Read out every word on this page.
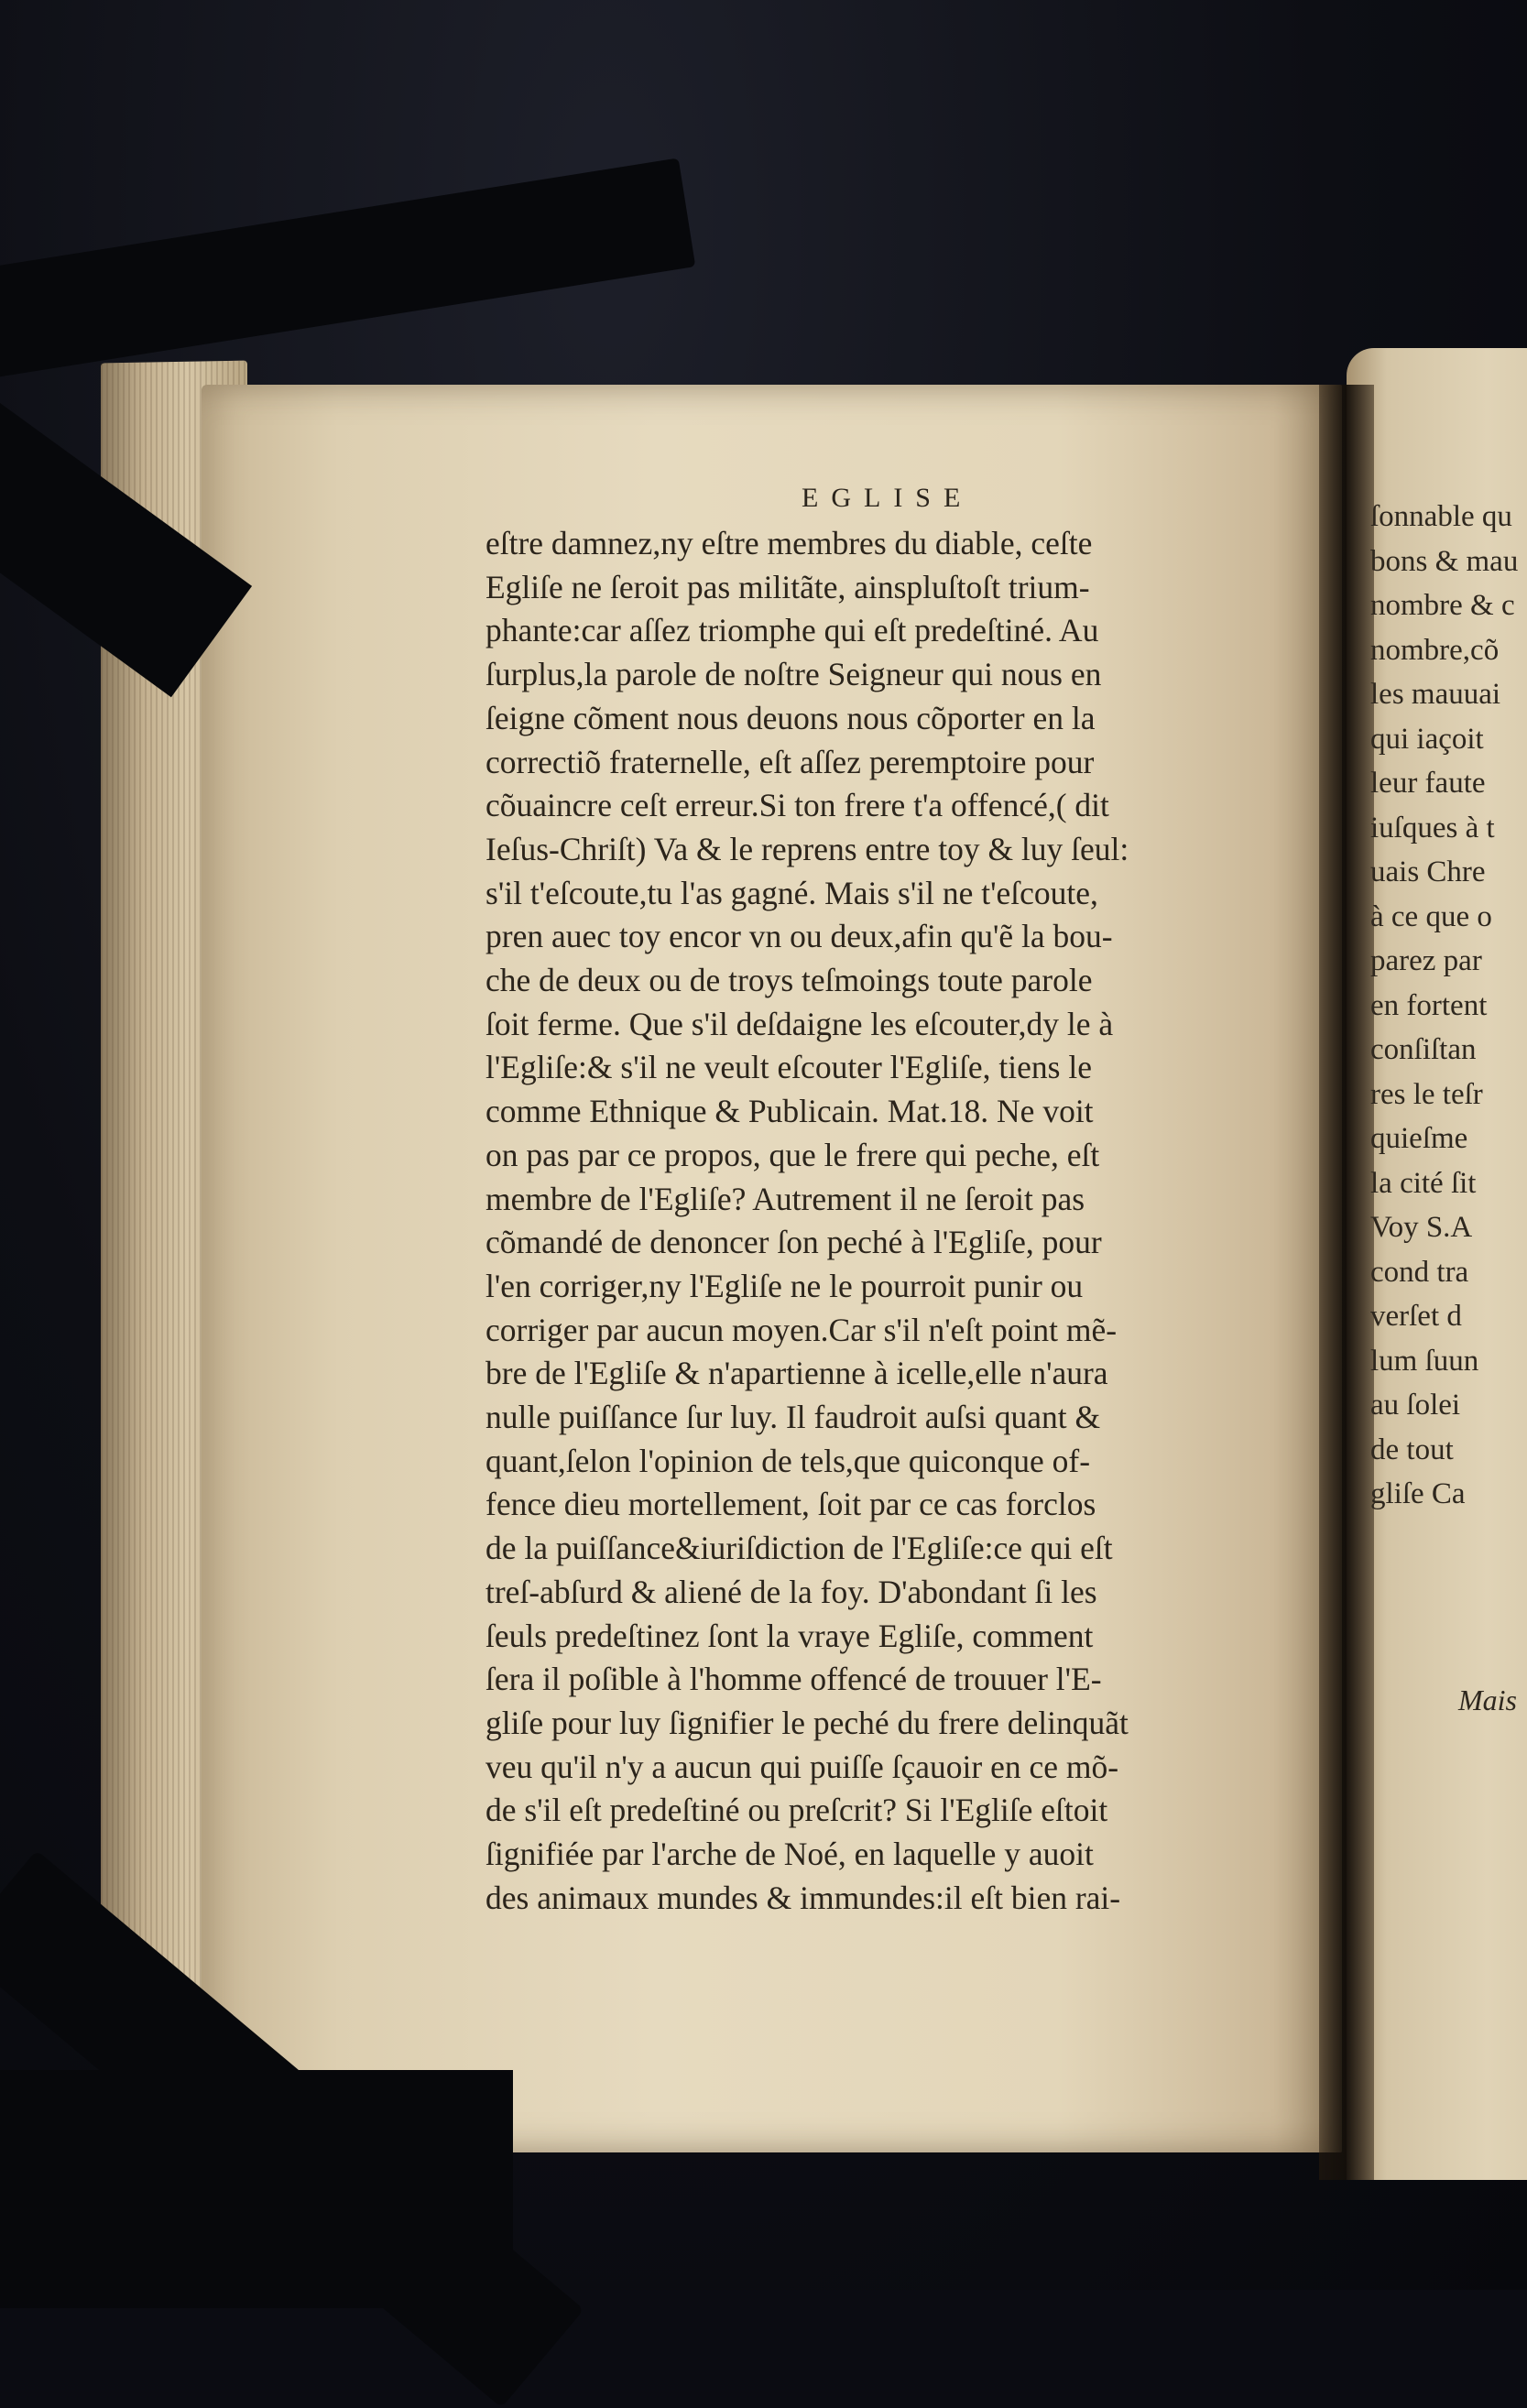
EGLISE
eſtre damnez,ny eſtre membres du diable, ceſte
Egliſe ne ſeroit pas militãte, ainspluſtoſt trium-
phante:car aſſez triomphe qui eſt predeſtiné. Au
ſurplus,la parole de noſtre Seigneur qui nous en
ſeigne cõment nous deuons nous cõporter en la
correctiõ fraternelle, eſt aſſez peremptoire pour
cõuaincre ceſt erreur.Si ton frere t'a offencé,( dit
Ieſus-Chriſt) Va & le reprens entre toy & luy ſeul:
s'il t'eſcoute,tu l'as gagné. Mais s'il ne t'eſcoute,
pren auec toy encor vn ou deux,afin qu'ẽ la bou-
che de deux ou de troys teſmoings toute parole
ſoit ferme. Que s'il deſdaigne les eſcouter,dy le à
l'Egliſe:& s'il ne veult eſcouter l'Egliſe, tiens le
comme Ethnique & Publicain. Mat.18. Ne voit
on pas par ce propos, que le frere qui peche, eſt
membre de l'Egliſe? Autrement il ne ſeroit pas
cõmandé de denoncer ſon peché à l'Egliſe, pour
l'en corriger,ny l'Egliſe ne le pourroit punir ou
corriger par aucun moyen.Car s'il n'eſt point mẽ-
bre de l'Egliſe & n'apartienne à icelle,elle n'aura
nulle puiſſance ſur luy. Il faudroit auſsi quant &
quant,ſelon l'opinion de tels,que quiconque of-
fence dieu mortellement, ſoit par ce cas forclos
de la puiſſance&iuriſdiction de l'Egliſe:ce qui eſt
treſ-abſurd & aliené de la foy. D'abondant ſi les
ſeuls predeſtinez ſont la vraye Egliſe, comment
ſera il poſible à l'homme offencé de trouuer l'E-
gliſe pour luy ſignifier le peché du frere delinquãt
veu qu'il n'y a aucun qui puiſſe ſçauoir en ce mõ-
de s'il eſt predeſtiné ou preſcrit? Si l'Egliſe eſtoit
ſignifiée par l'arche de Noé, en laquelle y auoit
des animaux mundes & immundes:il eſt bien rai-
ſonnable qu
bons & mau
nombre & c
nombre,cõ
les mauuai
qui iaçoit
leur faute
iuſques à t
uais Chre
à ce que o
parez par
en fortent
conſiſtan
res le teſr
quieſme
la cité ſit
Voy S.A
cond tra
verſet d
lum ſuun
au ſolei
de tout
gliſe Ca
Mais
